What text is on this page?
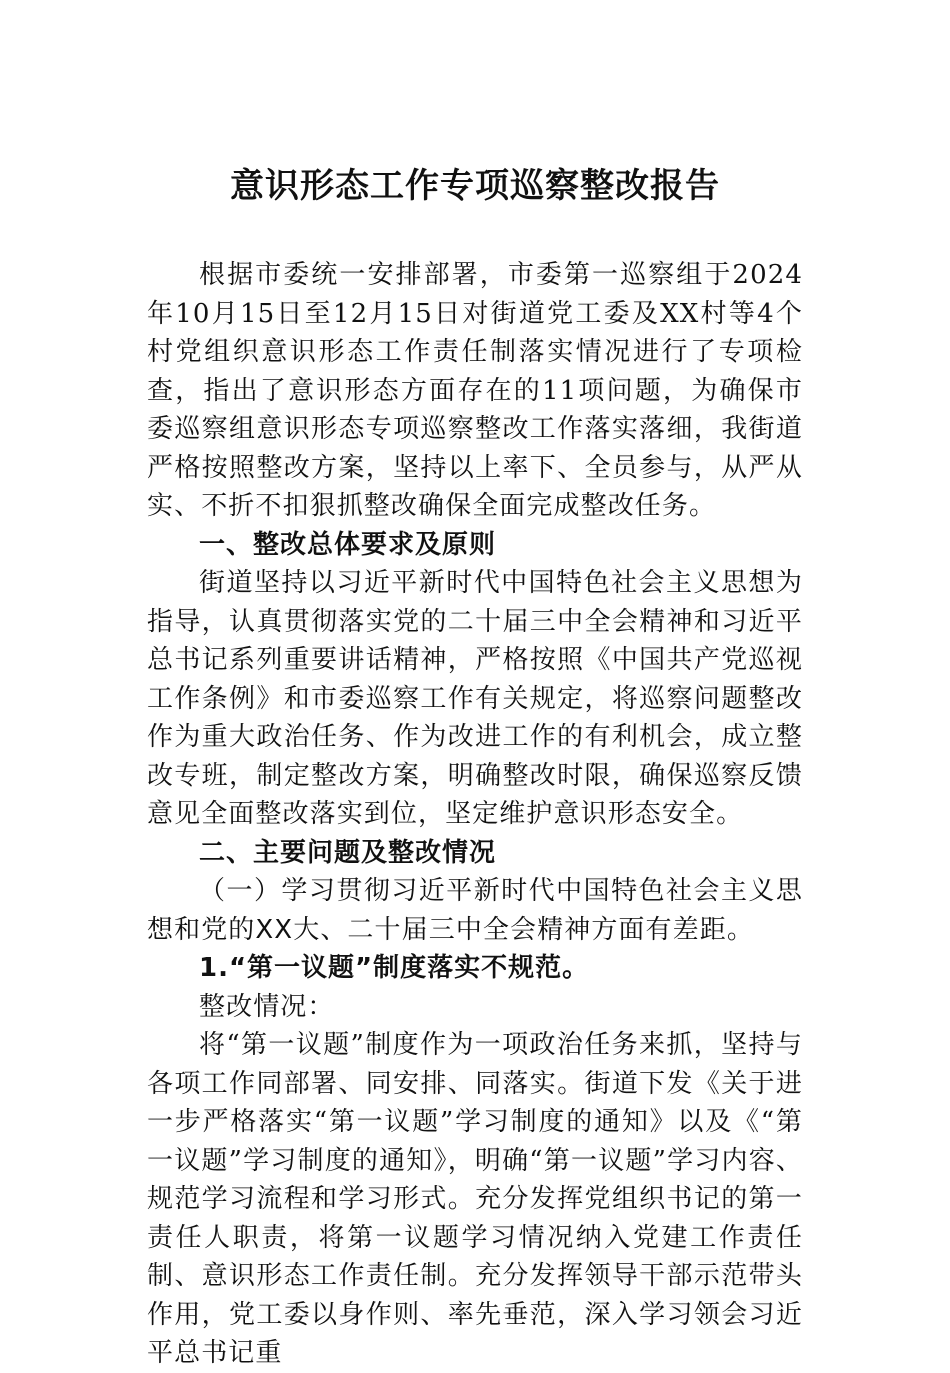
意识形态工作专项巡察整改报告

根据市委统一安排部署，市委第一巡察组于2024年10月15日至12月15日对街道党工委及XX村等4个村党组织意识形态工作责任制落实情况进行了专项检查，指出了意识形态方面存在的11项问题，为确保市委巡察组意识形态专项巡察整改工作落实落细，我街道严格按照整改方案，坚持以上率下、全员参与，从严从实、不折不扣狠抓整改确保全面完成整改任务。

一、整改总体要求及原则

街道坚持以习近平新时代中国特色社会主义思想为指导，认真贯彻落实党的二十届三中全会精神和习近平总书记系列重要讲话精神，严格按照《中国共产党巡视工作条例》和市委巡察工作有关规定，将巡察问题整改作为重大政治任务、作为改进工作的有利机会，成立整改专班，制定整改方案，明确整改时限，确保巡察反馈意见全面整改落实到位，坚定维护意识形态安全。

二、主要问题及整改情况

（一）学习贯彻习近平新时代中国特色社会主义思想和党的XX大、二十届三中全会精神方面有差距。

1.“第一议题”制度落实不规范。

整改情况：

将“第一议题”制度作为一项政治任务来抓，坚持与各项工作同部署、同安排、同落实。街道下发《关于进一步严格落实“第一议题”学习制度的通知》以及《“第一议题”学习制度的通知》，明确“第一议题”学习内容、规范学习流程和学习形式。充分发挥党组织书记的第一责任人职责，将第一议题学习情况纳入党建工作责任制、意识形态工作责任制。充分发挥领导干部示范带头作用，党工委以身作则、率先垂范，深入学习领会习近平总书记重
